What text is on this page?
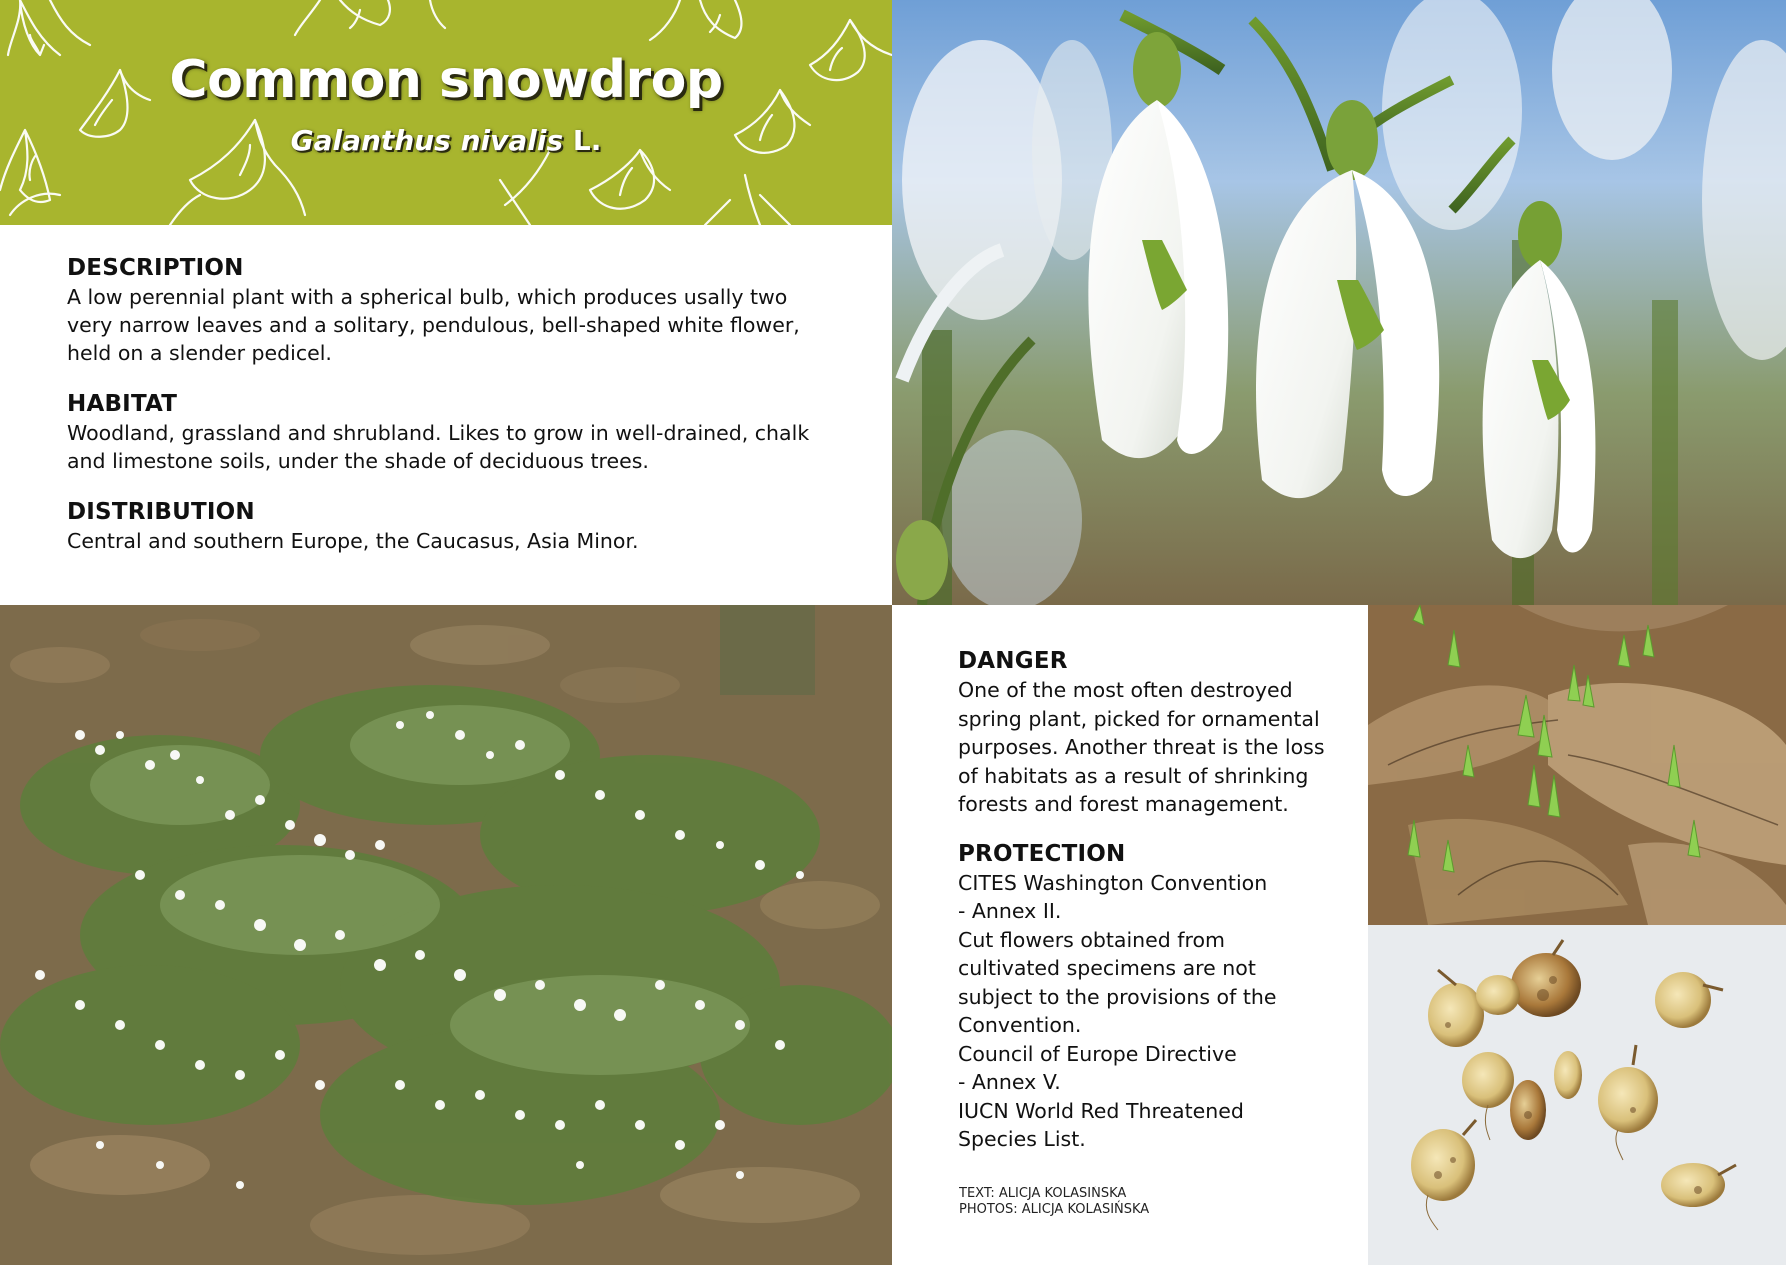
Common snowdrop
Galanthus nivalis L.
DESCRIPTION
A low perennial plant with a spherical bulb, which produces usally two
very narrow leaves and a solitary, pendulous, bell-shaped white flower,
held on a slender pedicel.
HABITAT
Woodland, grassland and shrubland. Likes to grow in well-drained, chalk
and limestone soils, under the shade of deciduous trees.
DISTRIBUTION
Central and southern Europe, the Caucasus, Asia Minor.
DANGER
One of the most often destroyed
spring plant, picked for ornamental
purposes. Another threat is the loss
of habitats as a result of shrinking
forests and forest management.
PROTECTION
CITES Washington Convention
- Annex II.
Cut flowers obtained from
cultivated specimens are not
subject to the provisions of the
Convention.
Council of Europe Directive
- Annex V.
IUCN World Red Threatened
Species List.
TEXT: ALICJA KOLASIŃSKA
PHOTOS: ALICJA KOLASIŃSKA
